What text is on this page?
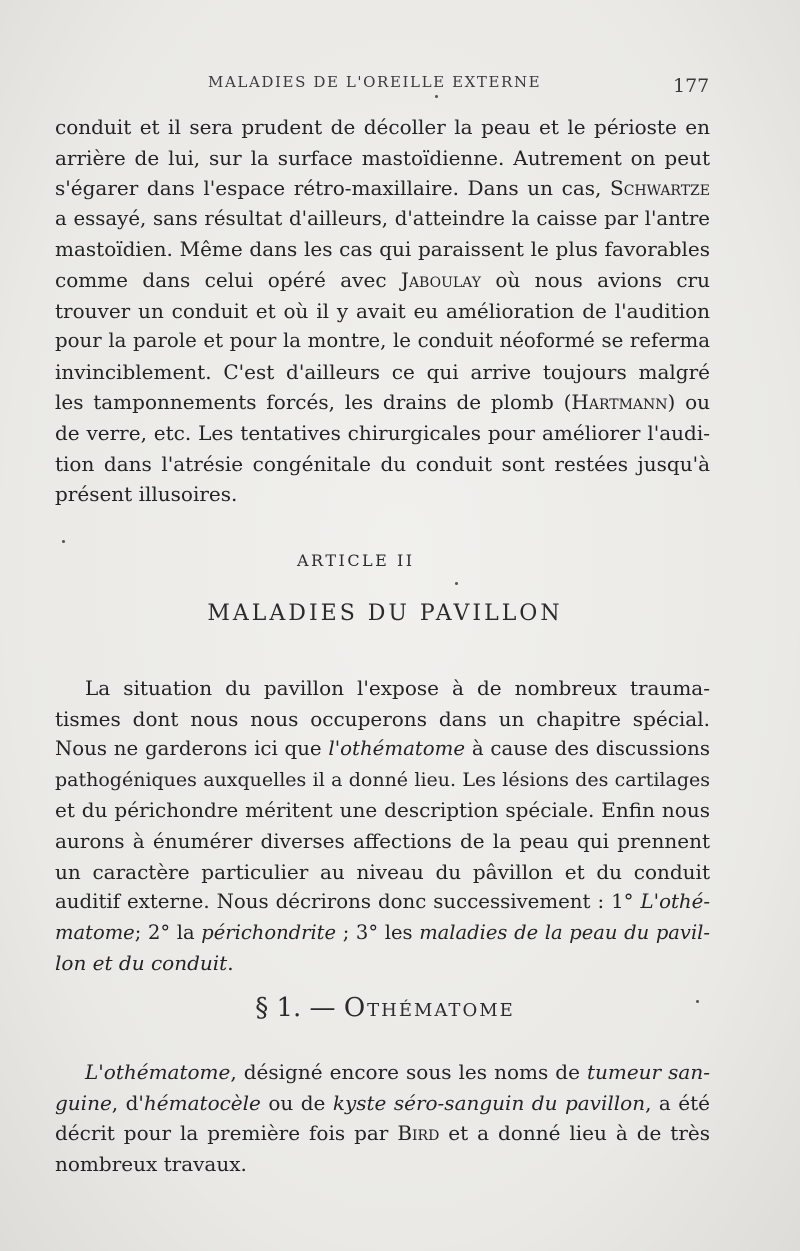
MALADIES DE L'OREILLE EXTERNE	177
conduit et il sera prudent de décoller la peau et le périoste en
arrière de lui, sur la surface mastoïdienne. Autrement on peut
s'égarer dans l'espace rétro-maxillaire. Dans un cas, Schwartze
a essayé, sans résultat d'ailleurs, d'atteindre la caisse par l'antre
mastoïdien. Même dans les cas qui paraissent le plus favorables
comme dans celui opéré avec Jaboulay où nous avions cru
trouver un conduit et où il y avait eu amélioration de l'audition
pour la parole et pour la montre, le conduit néoformé se referma
invinciblement. C'est d'ailleurs ce qui arrive toujours malgré
les tamponnements forcés, les drains de plomb (Hartmann) ou
de verre, etc. Les tentatives chirurgicales pour améliorer l'audi-
tion dans l'atrésie congénitale du conduit sont restées jusqu'à
présent illusoires.
ARTICLE II
MALADIES DU PAVILLON
La situation du pavillon l'expose à de nombreux trauma-
tismes dont nous nous occuperons dans un chapitre spécial.
Nous ne garderons ici que l'othématome à cause des discussions
pathogéniques auxquelles il a donné lieu. Les lésions des cartilages
et du périchondre méritent une description spéciale. Enfin nous
aurons à énumérer diverses affections de la peau qui prennent
un caractère particulier au niveau du pâvillon et du conduit
auditif externe. Nous décrirons donc successivement : 1° L'othé-
matome; 2° la périchondrite ; 3° les maladies de la peau du pavil-
lon et du conduit.
§ 1. — Othématome
L'othématome, désigné encore sous les noms de tumeur san-
guine, d'hématocèle ou de kyste séro-sanguin du pavillon, a été
décrit pour la première fois par Bird et a donné lieu à de très
nombreux travaux.
